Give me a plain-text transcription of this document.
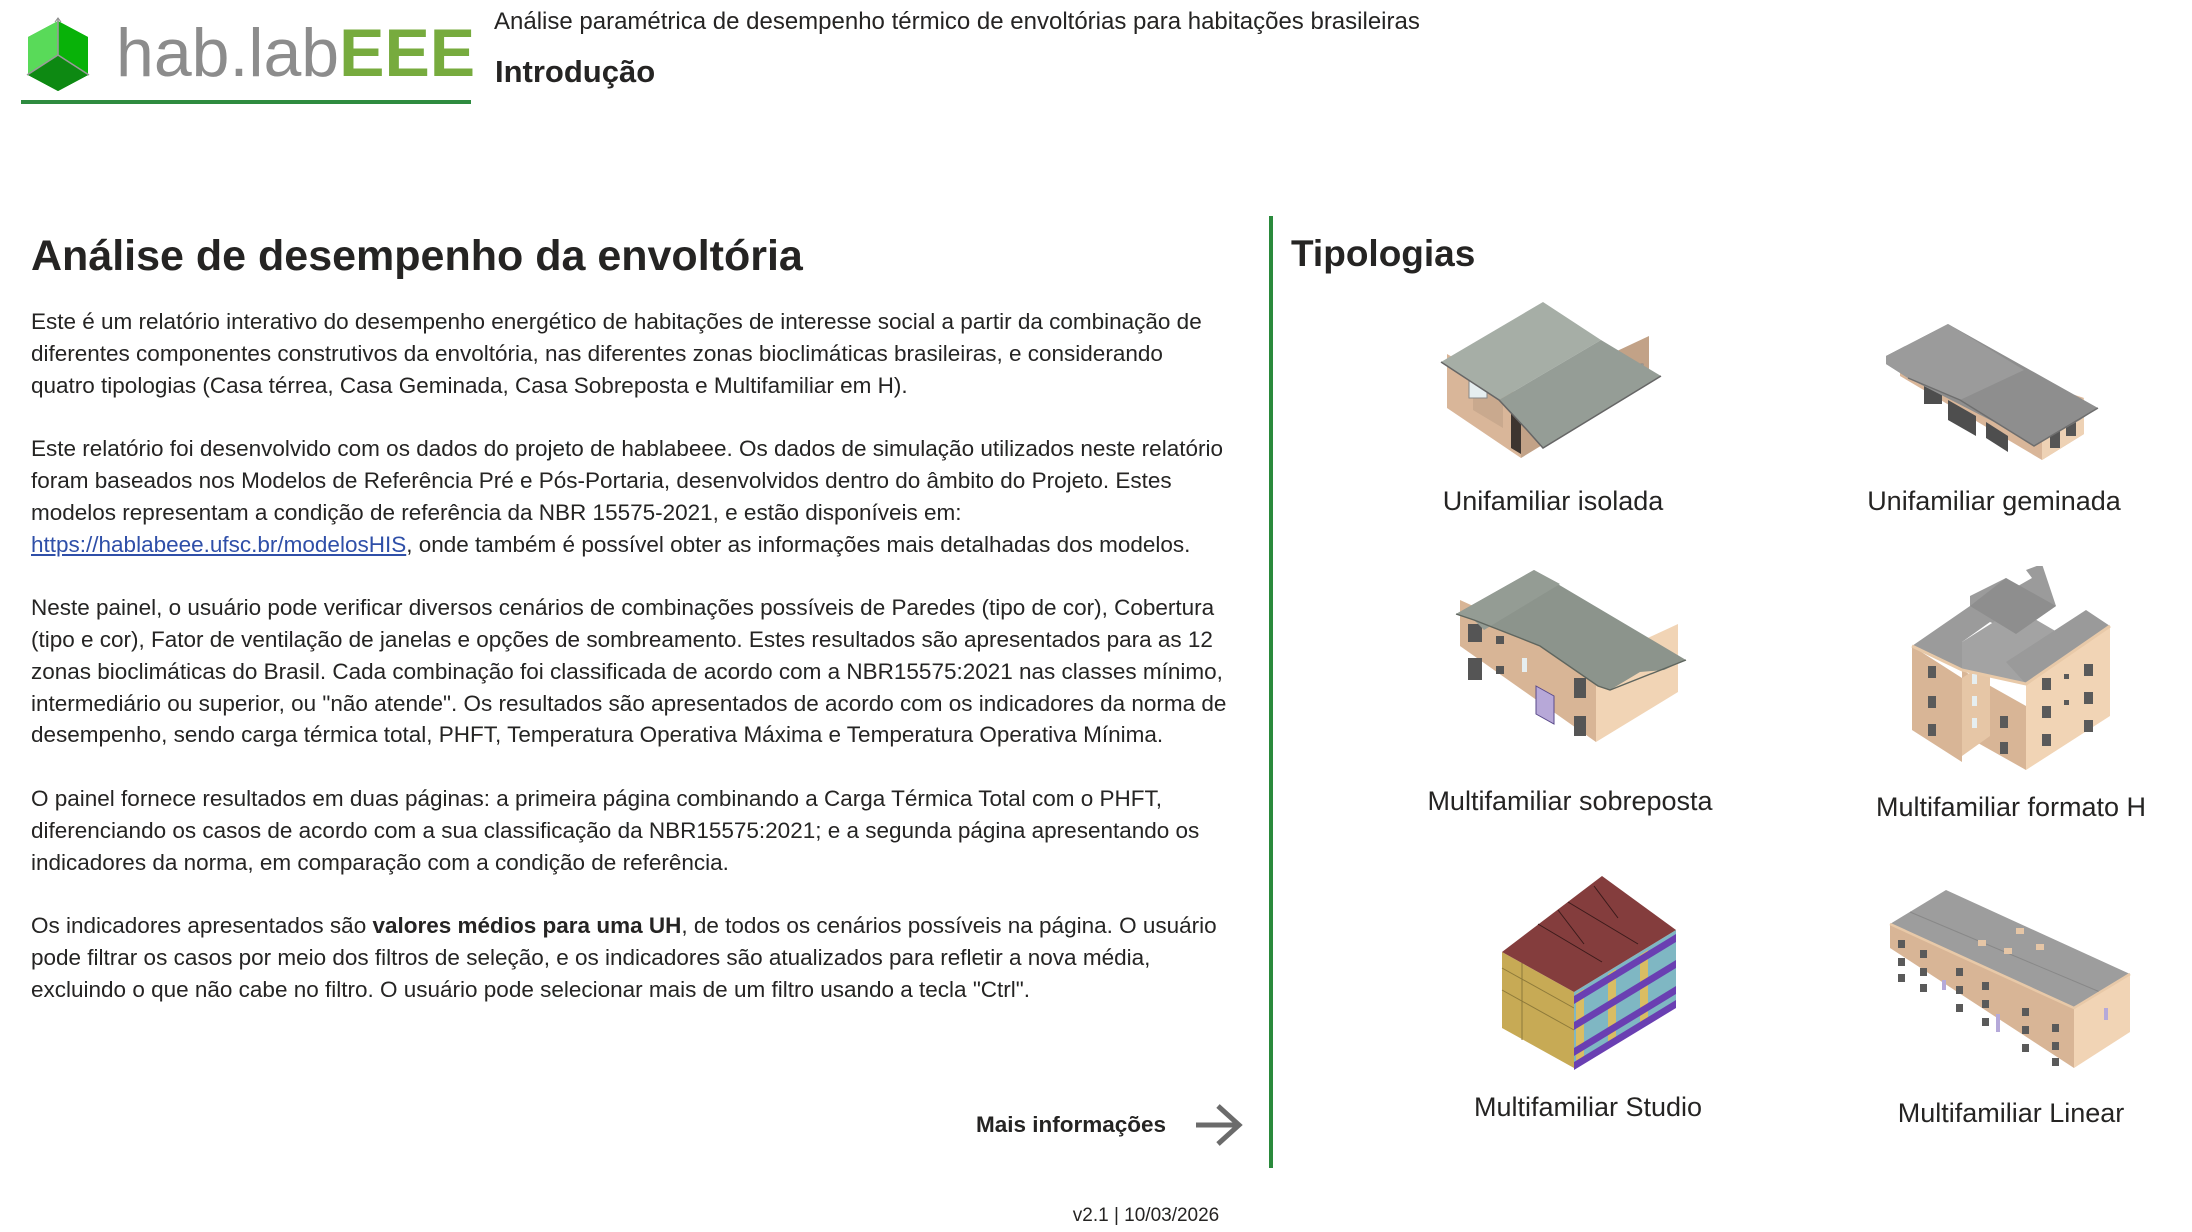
hab.labEEE Análise paramétrica de desempenho térmico de envoltórias para habitações brasileiras
Introdução
Análise de desempenho da envoltória

Este é um relatório interativo do desempenho energético de habitações de interesse social a partir da combinação de diferentes componentes construtivos da envoltória, nas diferentes zonas bioclimáticas brasileiras, e considerando quatro tipologias (Casa térrea, Casa Geminada, Casa Sobreposta e Multifamiliar em H).

Este relatório foi desenvolvido com os dados do projeto de hablabeee. Os dados de simulação utilizados neste relatório foram baseados nos Modelos de Referência Pré e Pós-Portaria, desenvolvidos dentro do âmbito do Projeto. Estes modelos representam a condição de referência da NBR 15575-2021, e estão disponíveis em: https://hablabeee.ufsc.br/modelosHIS, onde também é possível obter as informações mais detalhadas dos modelos.

Neste painel, o usuário pode verificar diversos cenários de combinações possíveis de Paredes (tipo de cor), Cobertura (tipo e cor), Fator de ventilação de janelas e opções de sombreamento. Estes resultados são apresentados para as 12 zonas bioclimáticas do Brasil. Cada combinação foi classificada de acordo com a NBR15575:2021 nas classes mínimo, intermediário ou superior, ou "não atende". Os resultados são apresentados de acordo com os indicadores da norma de desempenho, sendo carga térmica total, PHFT, Temperatura Operativa Máxima e Temperatura Operativa Mínima.

O painel fornece resultados em duas páginas: a primeira página combinando a Carga Térmica Total com o PHFT, diferenciando os casos de acordo com a sua classificação da NBR15575:2021; e a segunda página apresentando os indicadores da norma, em comparação com a condição de referência.

Os indicadores apresentados são valores médios para uma UH, de todos os cenários possíveis na página. O usuário pode filtrar os casos por meio dos filtros de seleção, e os indicadores são atualizados para refletir a nova média, excluindo o que não cabe no filtro. O usuário pode selecionar mais de um filtro usando a tecla "Ctrl".

Mais informações
Tipologias
Unifamiliar isolada	Unifamiliar geminada
Multifamiliar sobreposta	Multifamiliar formato H
Multifamiliar Studio	Multifamiliar Linear
v2.1 | 10/03/2026
